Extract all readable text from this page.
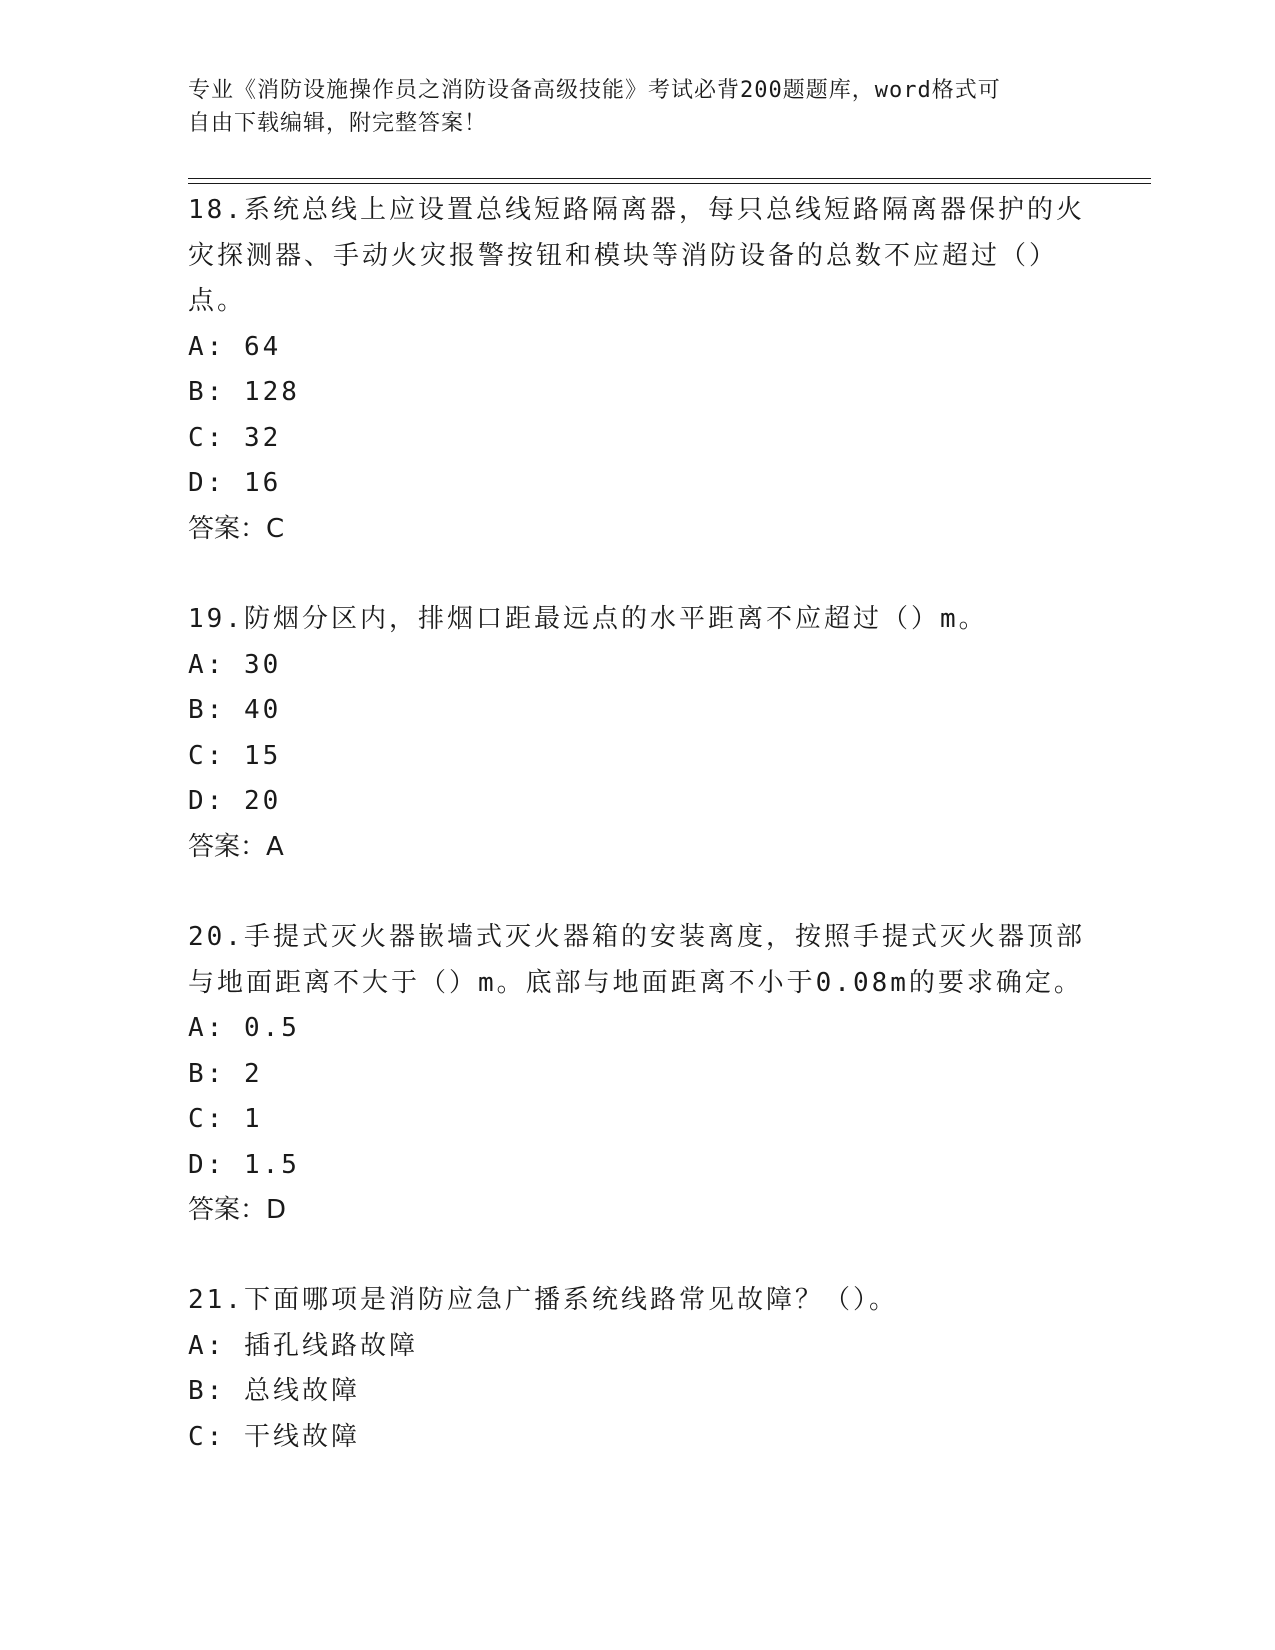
专业《消防设施操作员之消防设备高级技能》考试必背200题题库，word格式可
自由下载编辑，附完整答案！

18.系统总线上应设置总线短路隔离器，每只总线短路隔离器保护的火

灾探测器、手动火灾报警按钮和模块等消防设备的总数不应超过（）

点。

A: 64

B: 128

C: 32

D: 16

答案：C

19.防烟分区内，排烟口距最远点的水平距离不应超过（）m。

A: 30

B: 40

C: 15

D: 20

答案：A

20.手提式灭火器嵌墙式灭火器箱的安装离度，按照手提式灭火器顶部

与地面距离不大于（）m。底部与地面距离不小于0.08m的要求确定。

A: 0.5

B: 2

C: 1

D: 1.5

答案：D

21.下面哪项是消防应急广播系统线路常见故障？（）。

A: 插孔线路故障

B: 总线故障

C: 干线故障
